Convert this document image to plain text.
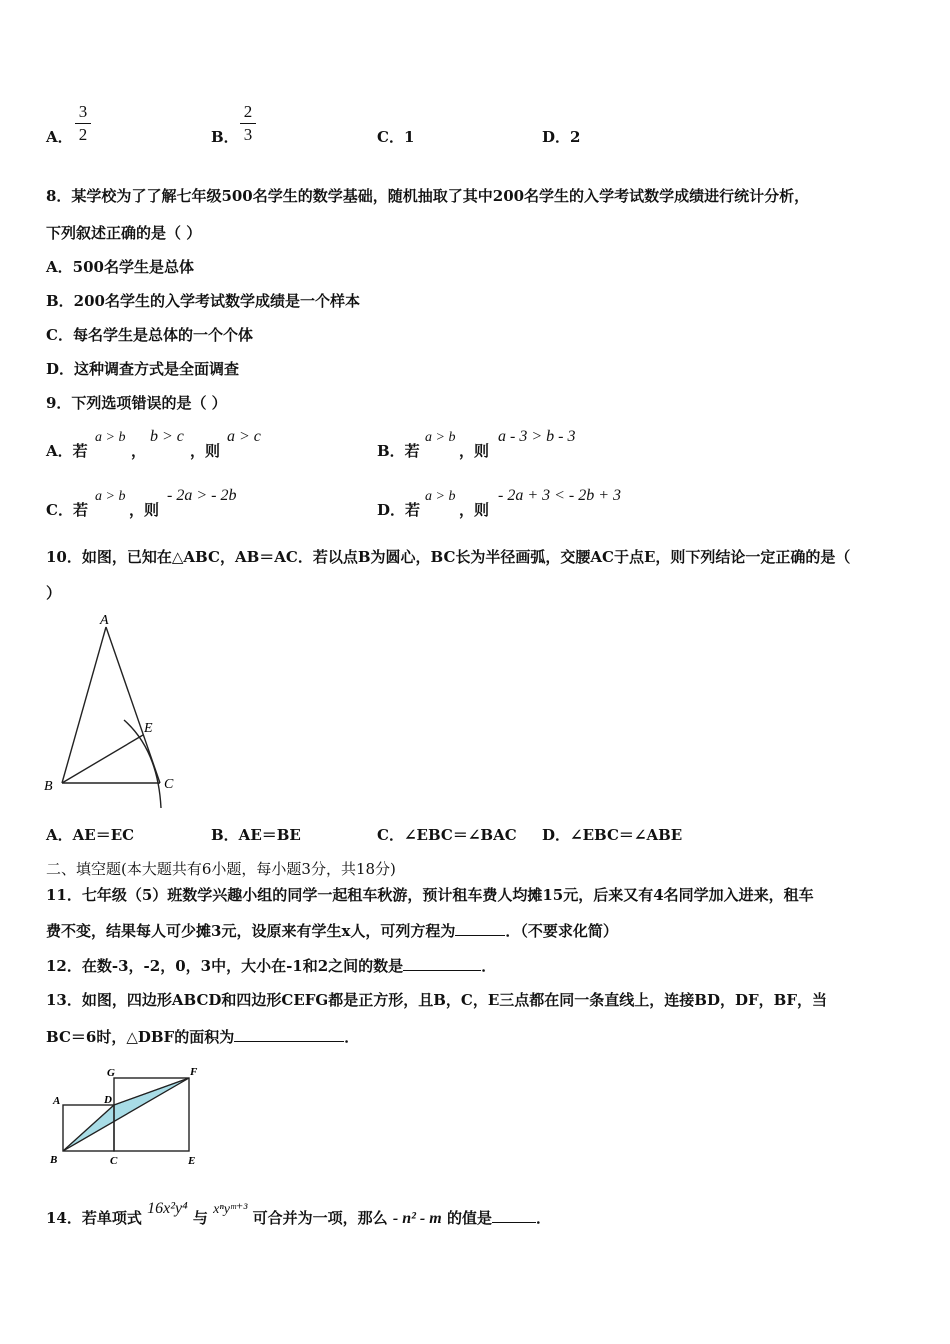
A． $\frac{3}{2}$	B． $\frac{2}{3}$	C．1	D．2
8．某学校为了了解七年级500名学生的数学基础，随机抽取了其中200名学生的入学考试数学成绩进行统计分析，
下列叙述正确的是（ ）
A．500名学生是总体
B．200名学生的入学考试数学成绩是一个样本
C．每名学生是总体的一个个体
D．这种调查方式是全面调查
9．下列选项错误的是（ ）
A．若
a > b
，
b > c
，则
a > c
B．若
a > b
，则
a - 3 > b - 3
C．若
a > b
，则
- 2a > - 2b
D．若
a > b
，则
- 2a + 3 < - 2b + 3
10．如图，已知在△ABC，AB＝AC．若以点B为圆心，BC长为半径画弧，交腰AC于点E，则下列结论一定正确的是（
）
A
B	C
E
A．AE＝EC	B．AE＝BE	C．∠EBC＝∠BAC D．∠EBC＝∠ABE
二、填空题(本大题共有6小题，每小题3分，共18分)
11．七年级（5）班数学兴趣小组的同学一起租车秋游，预计租车费人均摊15元，后来又有4名同学加入进来，租车
费不变，结果每人可少摊3元，设原来有学生x人，可列方程为	．（不要求化简）
12．在数-3，-2，0，3中，大小在-1和2之间的数是	．
13．如图，四边形ABCD和四边形CEFG都是正方形，且B，C，E三点都在同一条直线上，连接BD，DF，BF，当
BC＝6时，△DBF的面积为	．
A
B	C
D
E
F
G
14．若单项式 16x²y⁴ 与 xⁿyᵐ⁺³ 可合并为一项，那么 - n² - m 的值是	．
